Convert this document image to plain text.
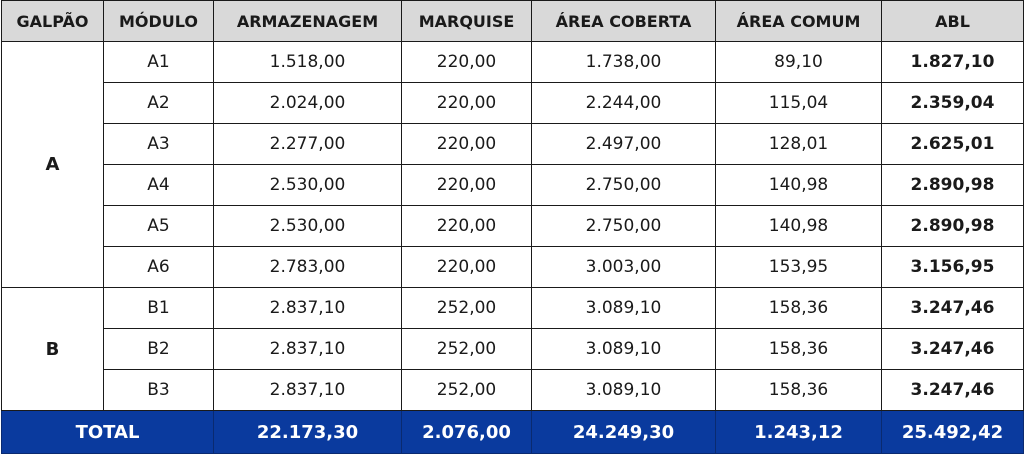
GALPÃO	MÓDULO	ARMAZENAGEM	MARQUISE	ÁREA COBERTA	ÁREA COMUM	ABL
A	A1	1.518,00	220,00	1.738,00	89,10	1.827,10
	A2	2.024,00	220,00	2.244,00	115,04	2.359,04
	A3	2.277,00	220,00	2.497,00	128,01	2.625,01
	A4	2.530,00	220,00	2.750,00	140,98	2.890,98
	A5	2.530,00	220,00	2.750,00	140,98	2.890,98
	A6	2.783,00	220,00	3.003,00	153,95	3.156,95
B	B1	2.837,10	252,00	3.089,10	158,36	3.247,46
	B2	2.837,10	252,00	3.089,10	158,36	3.247,46
	B3	2.837,10	252,00	3.089,10	158,36	3.247,46
TOTAL		22.173,30	2.076,00	24.249,30	1.243,12	25.492,42
